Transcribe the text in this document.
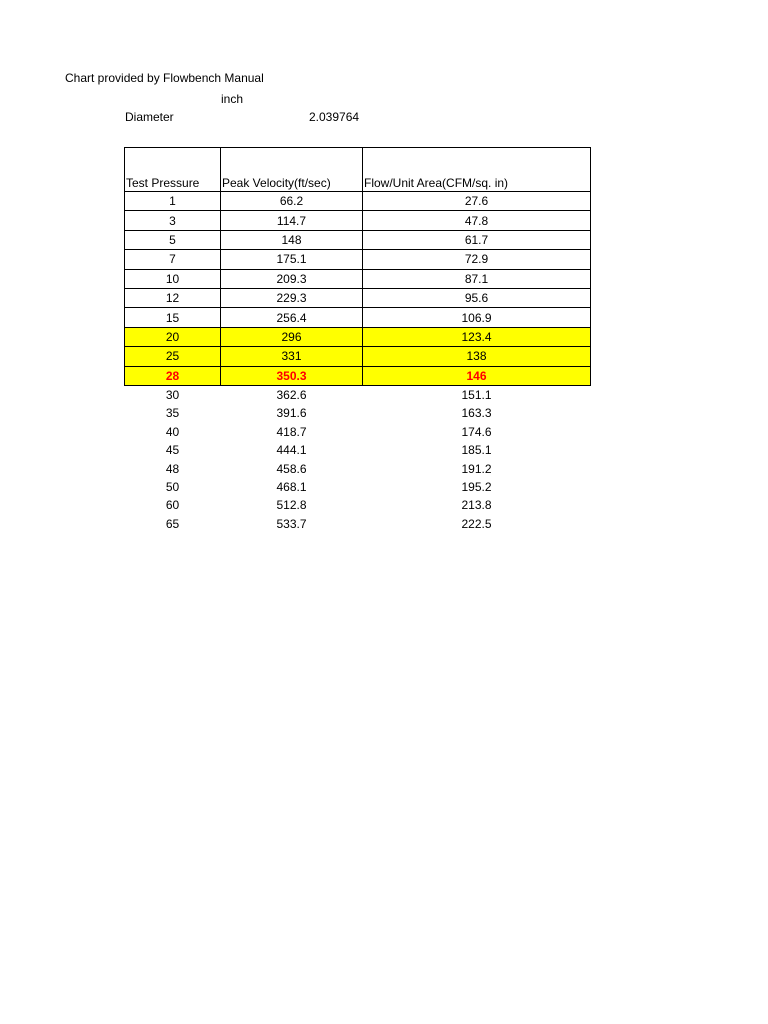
Chart provided by Flowbench Manual
inch
Diameter	2.039764
Test Pressure	Peak Velocity(ft/sec)	Flow/Unit Area(CFM/sq. in)
1	66.2	27.6
3	114.7	47.8
5	148	61.7
7	175.1	72.9
10	209.3	87.1
12	229.3	95.6
15	256.4	106.9
20	296	123.4
25	331	138
28	350.3	146
30	362.6	151.1
35	391.6	163.3
40	418.7	174.6
45	444.1	185.1
48	458.6	191.2
50	468.1	195.2
60	512.8	213.8
65	533.7	222.5
